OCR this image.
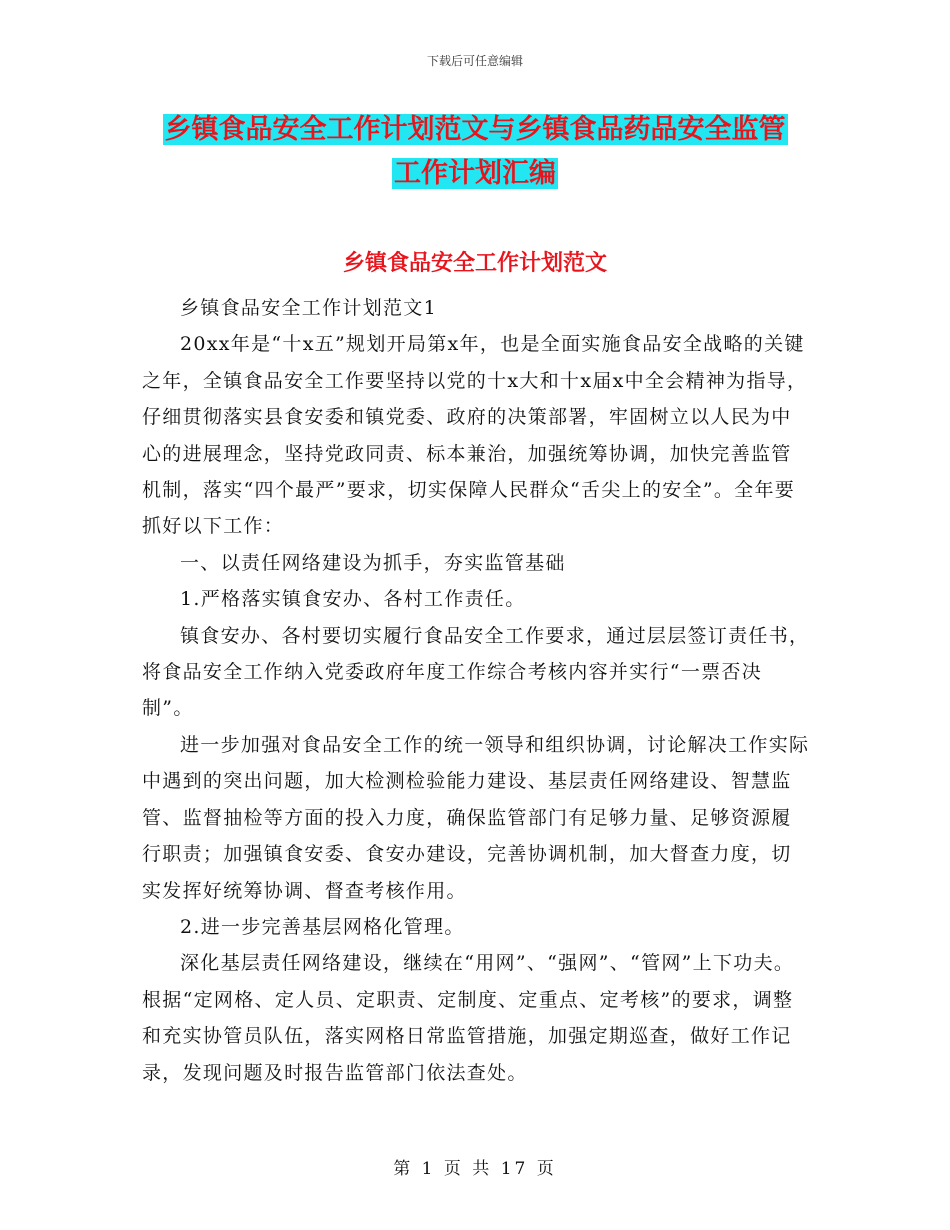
下载后可任意编辑
乡镇食品安全工作计划范文与乡镇食品药品安全监管
工作计划汇编
乡镇食品安全工作计划范文

乡镇食品安全工作计划范文1

20xx年是“十x五”规划开局第x年，也是全面实施食品安全战略的关键之年，全镇食品安全工作要坚持以党的十x大和十x届x中全会精神为指导，仔细贯彻落实县食安委和镇党委、政府的决策部署，牢固树立以人民为中心的进展理念，坚持党政同责、标本兼治，加强统筹协调，加快完善监管机制，落实“四个最严”要求，切实保障人民群众“舌尖上的安全”。全年要抓好以下工作：

一、以责任网络建设为抓手，夯实监管基础

1.严格落实镇食安办、各村工作责任。

镇食安办、各村要切实履行食品安全工作要求，通过层层签订责任书，将食品安全工作纳入党委政府年度工作综合考核内容并实行“一票否决制”。

进一步加强对食品安全工作的统一领导和组织协调，讨论解决工作实际中遇到的突出问题，加大检测检验能力建设、基层责任网络建设、智慧监管、监督抽检等方面的投入力度，确保监管部门有足够力量、足够资源履行职责；加强镇食安委、食安办建设，完善协调机制，加大督查力度，切实发挥好统筹协调、督查考核作用。

2.进一步完善基层网格化管理。

深化基层责任网络建设，继续在“用网”、“强网”、“管网”上下功夫。根据“定网格、定人员、定职责、定制度、定重点、定考核”的要求，调整和充实协管员队伍，落实网格日常监管措施，加强定期巡查，做好工作记录，发现问题及时报告监管部门依法查处。

第 1 页 共 17 页
